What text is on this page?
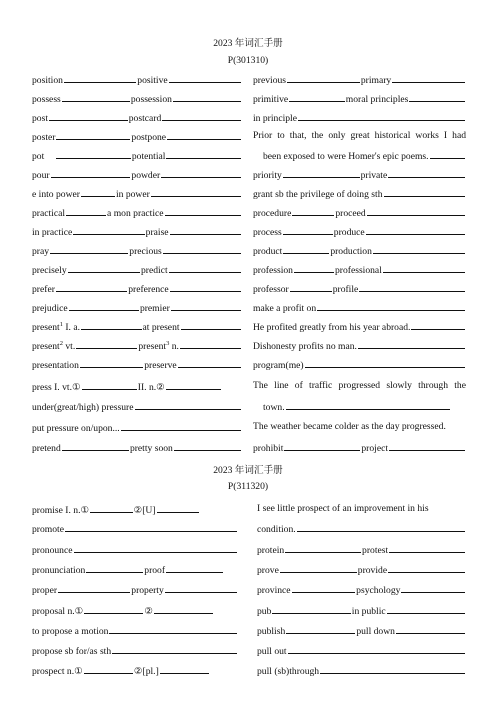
2023 年词汇手册
P(301310)
position	positive
possess	possession
post	postcard
poster	postpone
pot	potential
pour	powder
e into power	in power
practical	a mon practice
in practice	praise
pray	precious
precisely	predict
prefer	preference
prejudice	premier
present$^1$ I. a.	at present
present$^2$ vt.	present$^3$ n.
presentation	preserve
press I. vt.①	II. n.②
under(great/high) pressure
put pressure on/upon...
pretend	pretty soon
previous	primary
primitive	moral principles
in principle
Prior to that, the only great historical works I had
been exposed to were Homer's epic poems.
priority	private
grant sb the privilege of doing sth
procedure	proceed
process	produce
product	production
profession	professional
professor	profile
make a profit on
He profited greatly from his year abroad.
Dishonesty profits no man.
program(me)
The line of traffic progressed slowly through the
town.
The weather became colder as the day progressed.
prohibit	project
2023 年词汇手册
P(311320)
promise I. n.①	②[U]
promote
pronounce
pronunciation	proof
proper	property
proposal n.①	②
to propose a motion
propose sb for/as sth
prospect n.①	②[pl.]
I see little prospect of an improvement in his
condition.
protein	protest
prove	provide
province	psychology
pub	in public
publish	pull down
pull out
pull (sb)through
